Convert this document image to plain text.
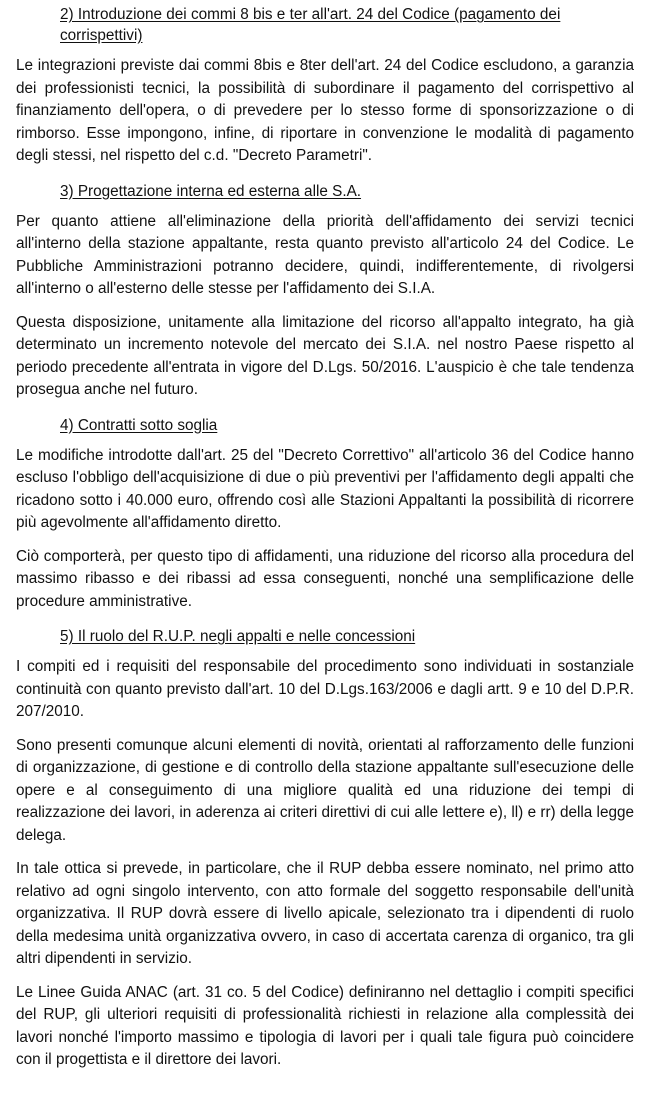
2) Introduzione dei commi 8 bis e ter all'art. 24 del Codice (pagamento dei corrispettivi)

Le integrazioni previste dai commi 8bis e 8ter dell'art. 24 del Codice escludono, a garanzia dei professionisti tecnici, la possibilità di subordinare il pagamento del corrispettivo al finanziamento dell'opera, o di prevedere per lo stesso forme di sponsorizzazione o di rimborso. Esse impongono, infine, di riportare in convenzione le modalità di pagamento degli stessi, nel rispetto del c.d. "Decreto Parametri".

3) Progettazione interna ed esterna alle S.A.

Per quanto attiene all'eliminazione della priorità dell'affidamento dei servizi tecnici all'interno della stazione appaltante, resta quanto previsto all'articolo 24 del Codice. Le Pubbliche Amministrazioni potranno decidere, quindi, indifferentemente, di rivolgersi all'interno o all'esterno delle stesse per l'affidamento dei S.I.A.

Questa disposizione, unitamente alla limitazione del ricorso all'appalto integrato, ha già determinato un incremento notevole del mercato dei S.I.A. nel nostro Paese rispetto al periodo precedente all'entrata in vigore del D.Lgs. 50/2016. L'auspicio è che tale tendenza prosegua anche nel futuro.

4) Contratti sotto soglia

Le modifiche introdotte dall'art. 25 del "Decreto Correttivo" all'articolo 36 del Codice hanno escluso l'obbligo dell'acquisizione di due o più preventivi per l'affidamento degli appalti che ricadono sotto i 40.000 euro, offrendo così alle Stazioni Appaltanti la possibilità di ricorrere più agevolmente all'affidamento diretto.

Ciò comporterà, per questo tipo di affidamenti, una riduzione del ricorso alla procedura del massimo ribasso e dei ribassi ad essa conseguenti, nonché una semplificazione delle procedure amministrative.

5) Il ruolo del R.U.P. negli appalti e nelle concessioni

I compiti ed i requisiti del responsabile del procedimento sono individuati in sostanziale continuità con quanto previsto dall'art. 10 del D.Lgs.163/2006 e dagli artt. 9 e 10 del D.P.R. 207/2010.

Sono presenti comunque alcuni elementi di novità, orientati al rafforzamento delle funzioni di organizzazione, di gestione e di controllo della stazione appaltante sull'esecuzione delle opere e al conseguimento di una migliore qualità ed una riduzione dei tempi di realizzazione dei lavori, in aderenza ai criteri direttivi di cui alle lettere e), ll) e rr) della legge delega.

In tale ottica si prevede, in particolare, che il RUP debba essere nominato, nel primo atto relativo ad ogni singolo intervento, con atto formale del soggetto responsabile dell'unità organizzativa. Il RUP dovrà essere di livello apicale, selezionato tra i dipendenti di ruolo della medesima unità organizzativa ovvero, in caso di accertata carenza di organico, tra gli altri dipendenti in servizio.

Le Linee Guida ANAC (art. 31 co. 5 del Codice) definiranno nel dettaglio i compiti specifici del RUP, gli ulteriori requisiti di professionalità richiesti in relazione alla complessità dei lavori nonché l'importo massimo e tipologia di lavori per i quali tale figura può coincidere con il progettista e il direttore dei lavori.
